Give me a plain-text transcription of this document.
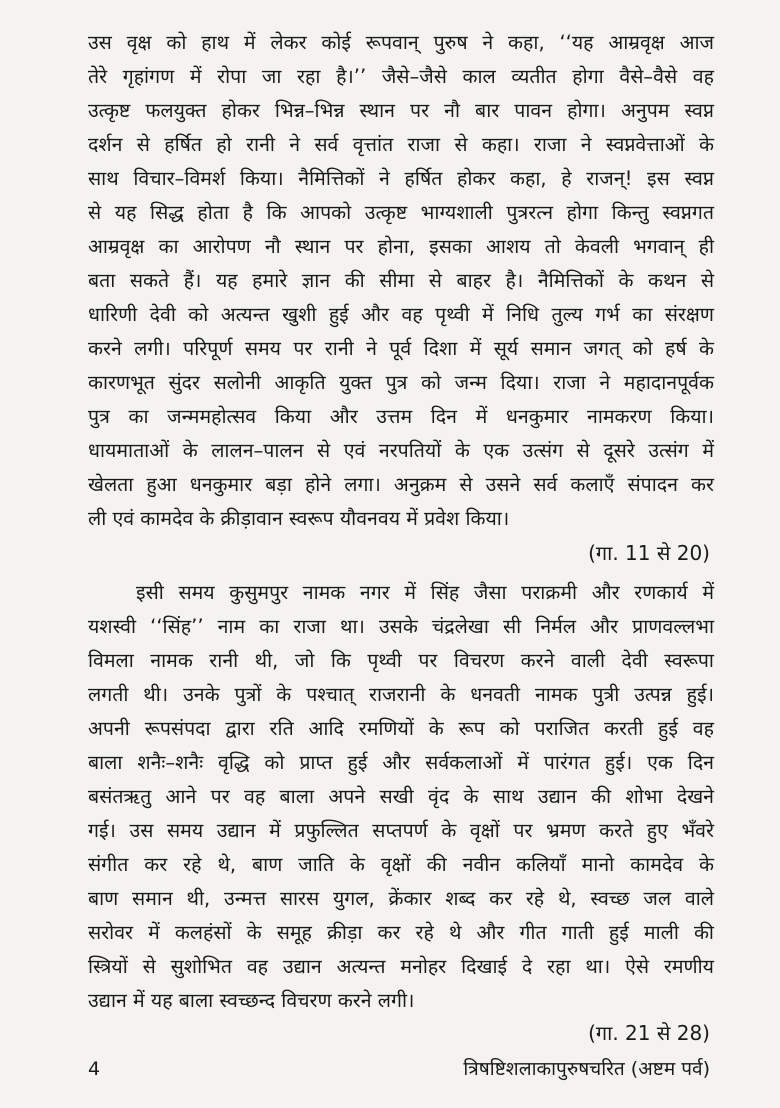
उस वृक्ष को हाथ में लेकर कोई रूपवान् पुरुष ने कहा, ‘‘यह आम्रवृक्ष आज
तेरे गृहांगण में रोपा जा रहा है।’’ जैसे–जैसे काल व्यतीत होगा वैसे–वैसे वह
उत्कृष्ट फलयुक्त होकर भिन्न–भिन्न स्थान पर नौ बार पावन होगा। अनुपम स्वप्न
दर्शन से हर्षित हो रानी ने सर्व वृत्तांत राजा से कहा। राजा ने स्वप्नवेत्ताओं के
साथ विचार–विमर्श किया। नैमित्तिकों ने हर्षित होकर कहा, हे राजन्! इस स्वप्न
से यह सिद्ध होता है कि आपको उत्कृष्ट भाग्यशाली पुत्ररत्न होगा किन्तु स्वप्नगत
आम्रवृक्ष का आरोपण नौ स्थान पर होना, इसका आशय तो केवली भगवान् ही
बता सकते हैं। यह हमारे ज्ञान की सीमा से बाहर है। नैमित्तिकों के कथन से
धारिणी देवी को अत्यन्त खुशी हुई और वह पृथ्वी में निधि तुल्य गर्भ का संरक्षण
करने लगी। परिपूर्ण समय पर रानी ने पूर्व दिशा में सूर्य समान जगत् को हर्ष के
कारणभूत सुंदर सलोनी आकृति युक्त पुत्र को जन्म दिया। राजा ने महादानपूर्वक
पुत्र का जन्ममहोत्सव किया और उत्तम दिन में धनकुमार नामकरण किया।
धायमाताओं के लालन–पालन से एवं नरपतियों के एक उत्संग से दूसरे उत्संग में
खेलता हुआ धनकुमार बड़ा होने लगा। अनुक्रम से उसने सर्व कलाएँ संपादन कर
ली एवं कामदेव के क्रीड़ावान स्वरूप यौवनवय में प्रवेश किया।
(गा. 11 से 20)
इसी समय कुसुमपुर नामक नगर में सिंह जैसा पराक्रमी और रणकार्य में
यशस्वी ‘‘सिंह’’ नाम का राजा था। उसके चंद्रलेखा सी निर्मल और प्राणवल्लभा
विमला नामक रानी थी, जो कि पृथ्वी पर विचरण करने वाली देवी स्वरूपा
लगती थी। उनके पुत्रों के पश्चात् राजरानी के धनवती नामक पुत्री उत्पन्न हुई।
अपनी रूपसंपदा द्वारा रति आदि रमणियों के रूप को पराजित करती हुई वह
बाला शनैः–शनैः वृद्धि को प्राप्त हुई और सर्वकलाओं में पारंगत हुई। एक दिन
बसंतऋतु आने पर वह बाला अपने सखी वृंद के साथ उद्यान की शोभा देखने
गई। उस समय उद्यान में प्रफुल्लित सप्तपर्ण के वृक्षों पर भ्रमण करते हुए भँवरे
संगीत कर रहे थे, बाण जाति के वृक्षों की नवीन कलियाँ मानो कामदेव के
बाण समान थी, उन्मत्त सारस युगल, क्रेंकार शब्द कर रहे थे, स्वच्छ जल वाले
सरोवर में कलहंसों के समूह क्रीड़ा कर रहे थे और गीत गाती हुई माली की
स्त्रियों से सुशोभित वह उद्यान अत्यन्त मनोहर दिखाई दे रहा था। ऐसे रमणीय
उद्यान में यह बाला स्वच्छन्द विचरण करने लगी।
(गा. 21 से 28)
4	त्रिषष्टिशलाकापुरुषचरित (अष्टम पर्व)
